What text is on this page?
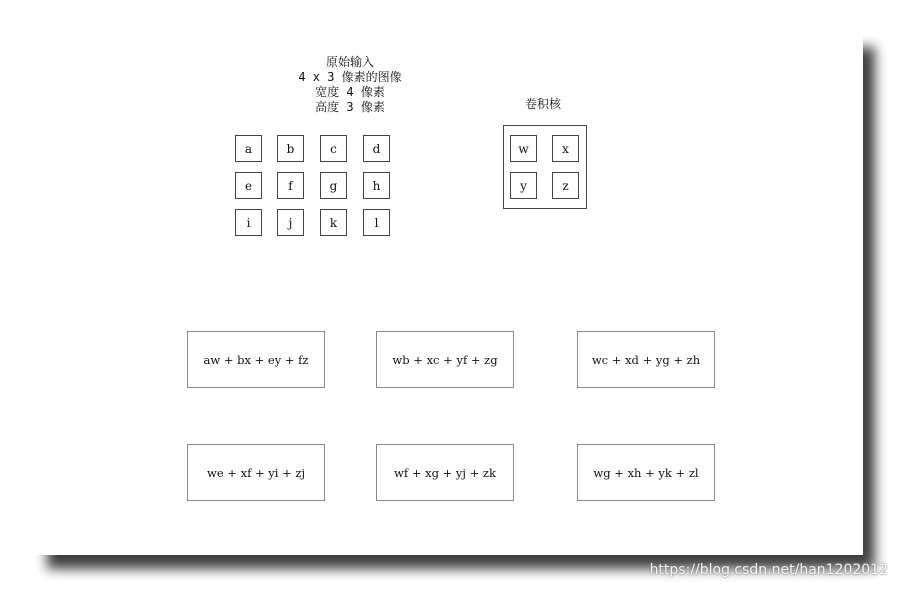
原始输入
4 x 3 像素的图像
宽度 4 像素
高度 3 像素
a	b	c	d
e	f	g	h
i	j	k	l
卷积核
w	x
y	z
aw + bx + ey + fz	wb + xc + yf + zg	wc + xd + yg + zh
we + xf + yi + zj	wf + xg + yj + zk	wg + xh + yk + zl
https://blog.csdn.net/han1202012
